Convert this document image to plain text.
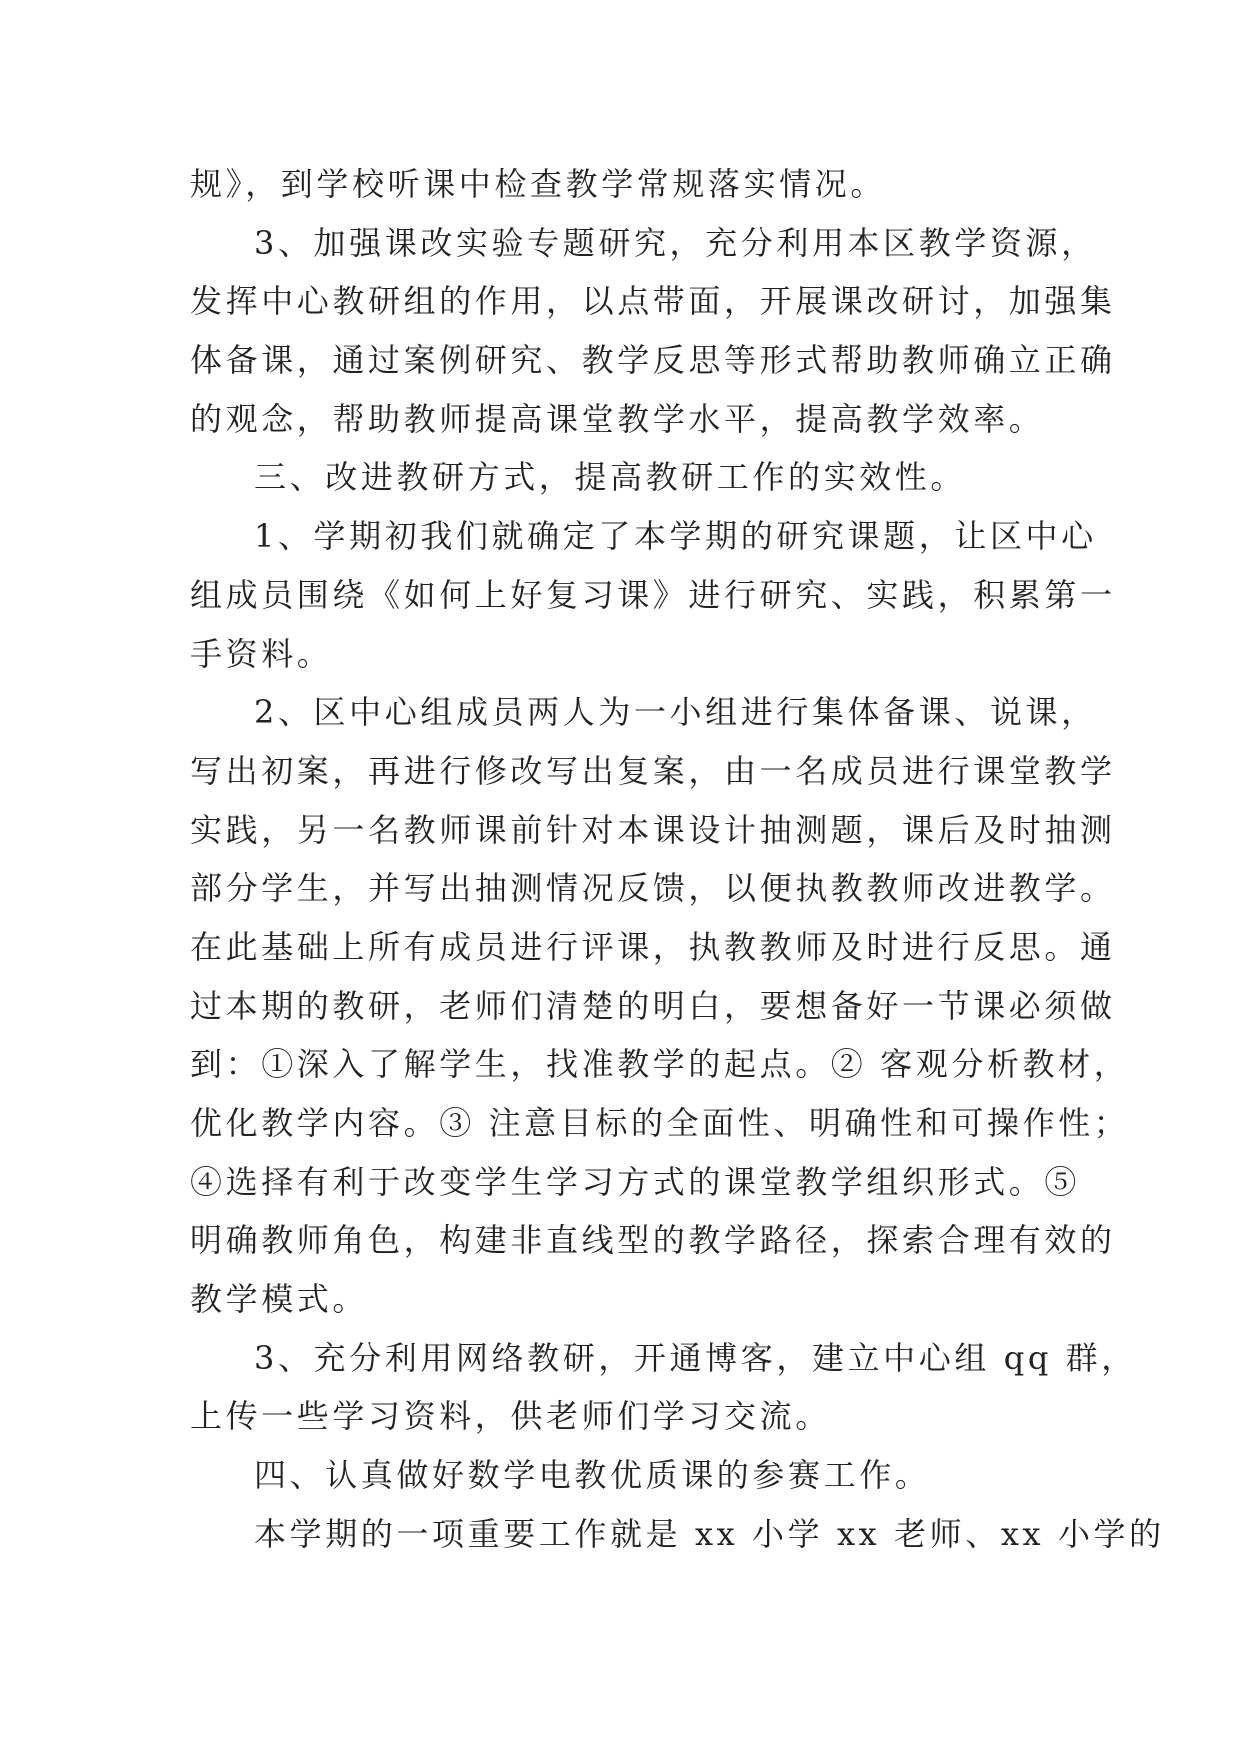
规》，到学校听课中检查教学常规落实情况。
3、加强课改实验专题研究，充分利用本区教学资源，
发挥中心教研组的作用，以点带面，开展课改研讨，加强集
体备课，通过案例研究、教学反思等形式帮助教师确立正确
的观念，帮助教师提高课堂教学水平，提高教学效率。
三、改进教研方式，提高教研工作的实效性。
1、学期初我们就确定了本学期的研究课题，让区中心
组成员围绕《如何上好复习课》进行研究、实践，积累第一
手资料。
2、区中心组成员两人为一小组进行集体备课、说课，
写出初案，再进行修改写出复案，由一名成员进行课堂教学
实践，另一名教师课前针对本课设计抽测题，课后及时抽测
部分学生，并写出抽测情况反馈，以便执教教师改进教学。
在此基础上所有成员进行评课，执教教师及时进行反思。通
过本期的教研，老师们清楚的明白，要想备好一节课必须做
到：①深入了解学生，找准教学的起点。② 客观分析教材，
优化教学内容。③ 注意目标的全面性、明确性和可操作性；
④选择有利于改变学生学习方式的课堂教学组织形式。⑤
明确教师角色，构建非直线型的教学路径，探索合理有效的
教学模式。
3、充分利用网络教研，开通博客，建立中心组 qq 群，
上传一些学习资料，供老师们学习交流。
四、认真做好数学电教优质课的参赛工作。
本学期的一项重要工作就是 xx 小学 xx 老师、xx 小学的
